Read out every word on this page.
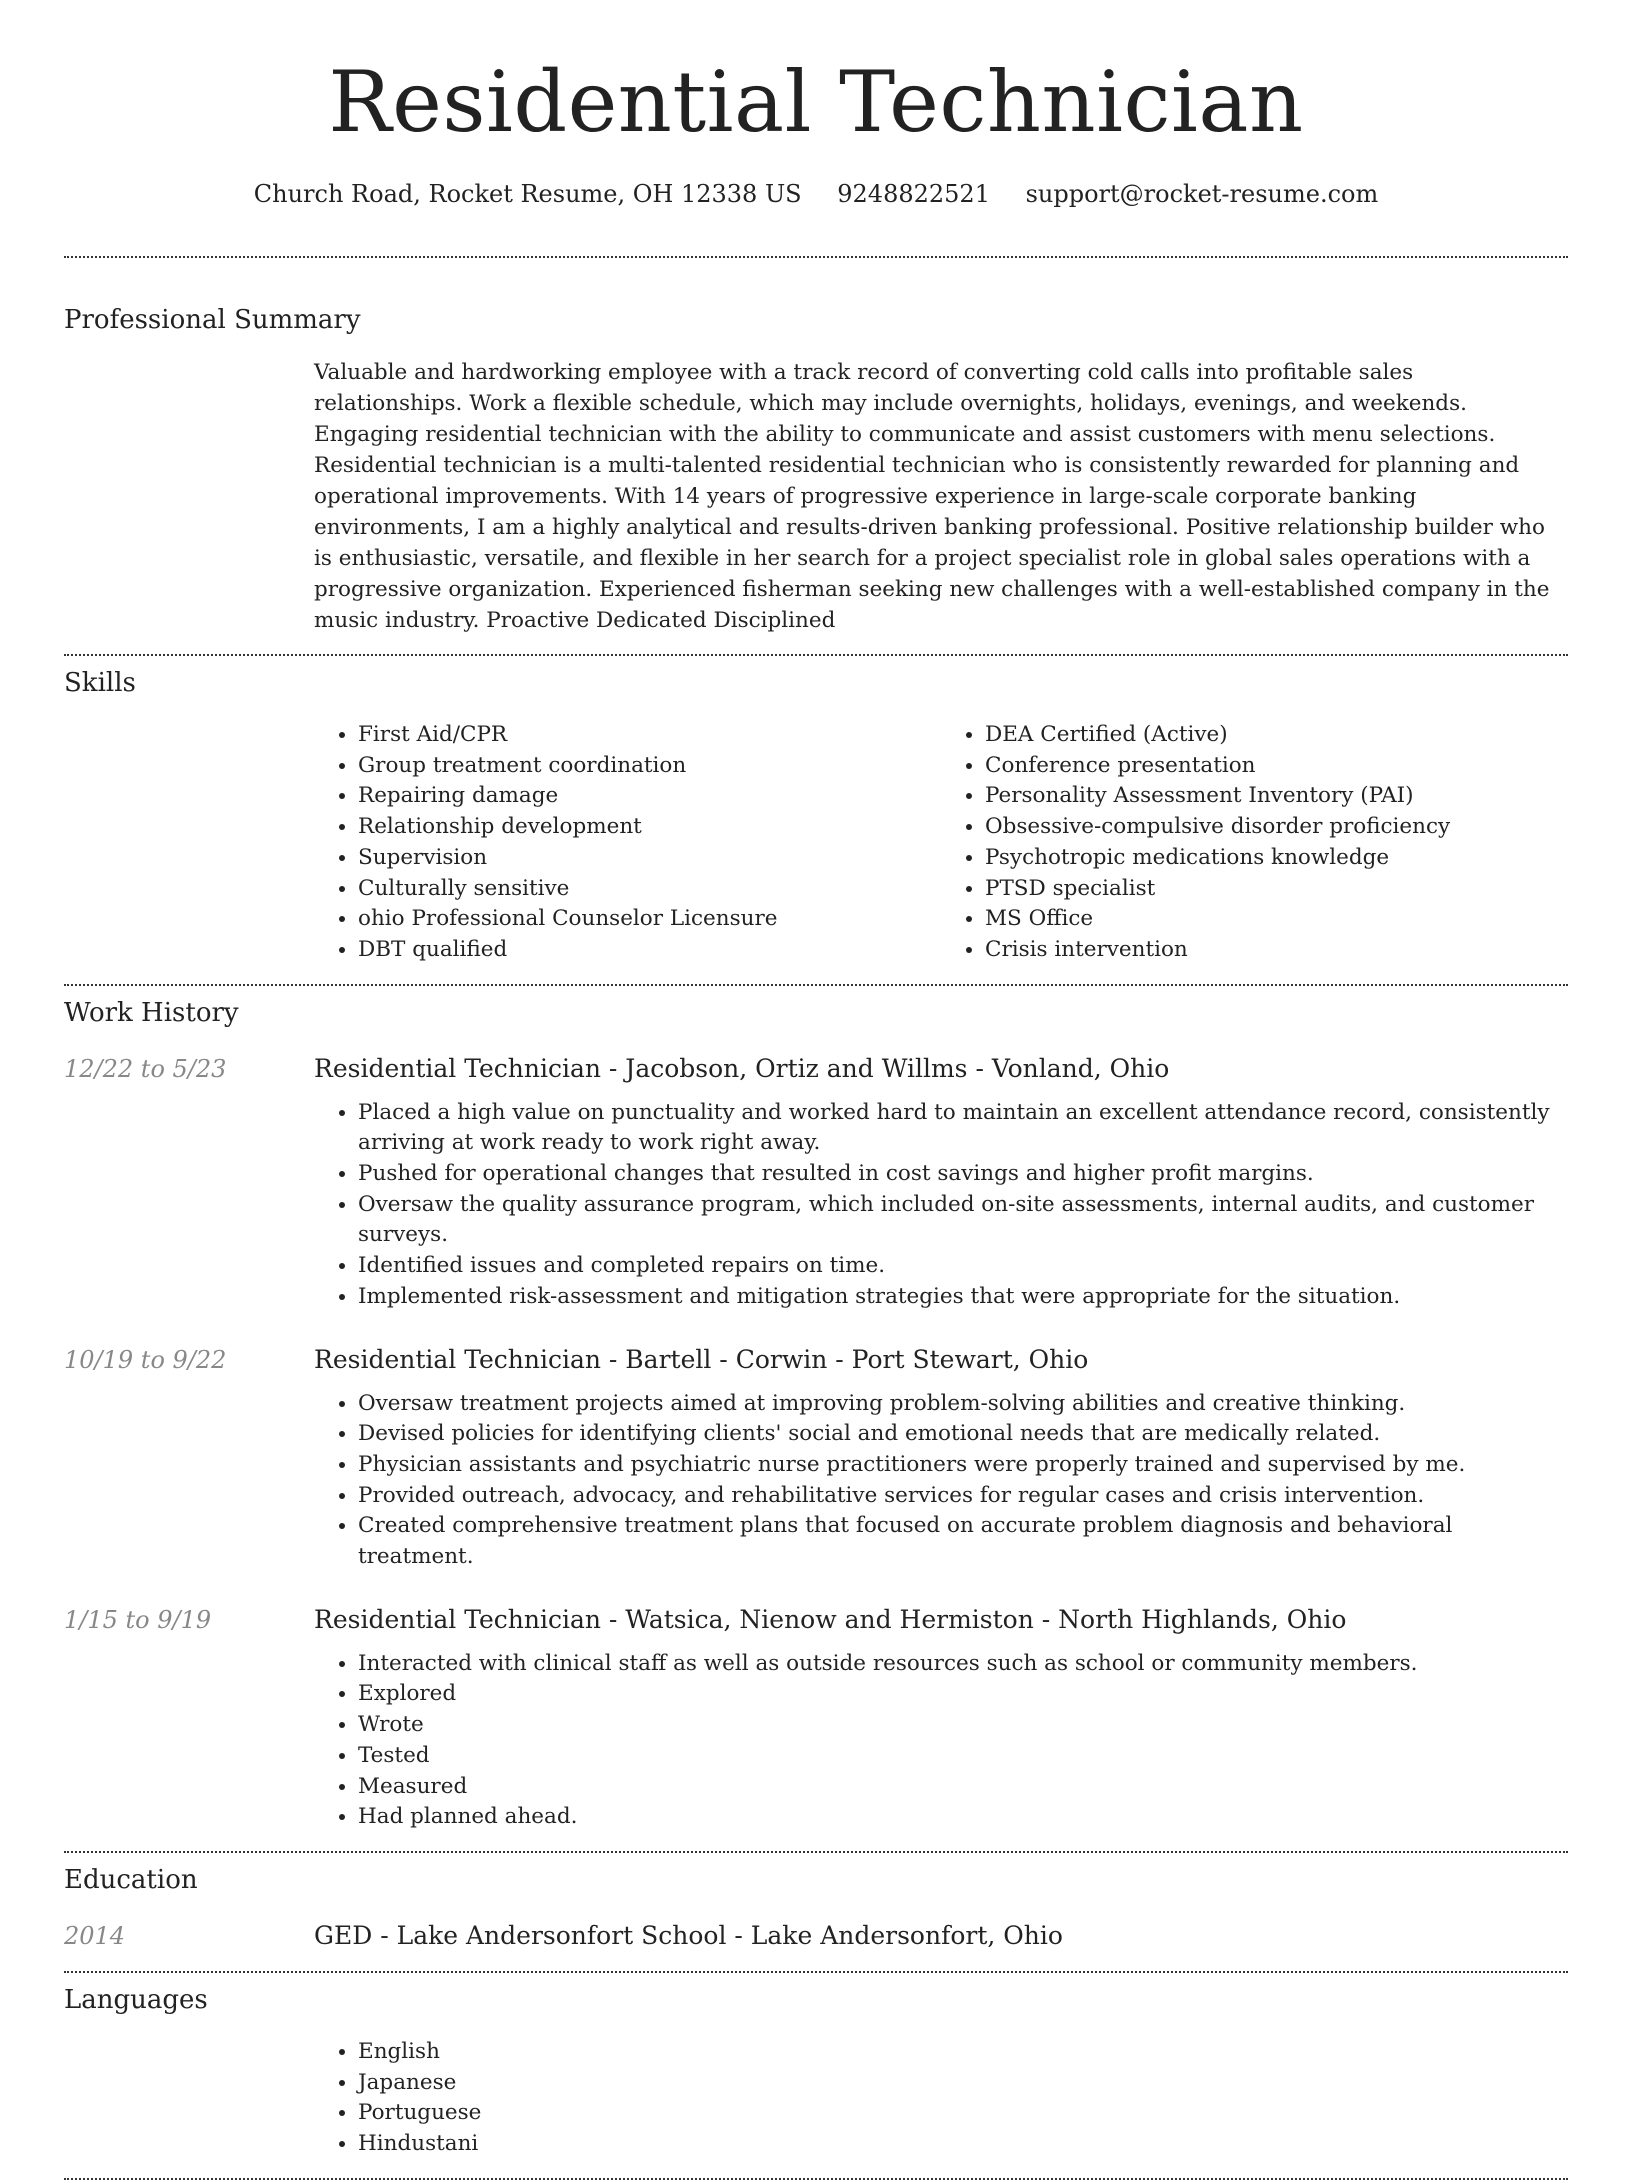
Residential Technician
Church Road, Rocket Resume, OH 12338 US 9248822521 support@rocket-resume.com
Professional Summary

Valuable and hardworking employee with a track record of converting cold calls into profitable sales relationships. Work a flexible schedule, which may include overnights, holidays, evenings, and weekends. Engaging residential technician with the ability to communicate and assist customers with menu selections. Residential technician is a multi-talented residential technician who is consistently rewarded for planning and operational improvements. With 14 years of progressive experience in large-scale corporate banking environments, I am a highly analytical and results-driven banking professional. Positive relationship builder who is enthusiastic, versatile, and flexible in her search for a project specialist role in global sales operations with a progressive organization. Experienced fisherman seeking new challenges with a well-established company in the music industry. Proactive Dedicated Disciplined

Skills
• First Aid/CPR
• Group treatment coordination
• Repairing damage
• Relationship development
• Supervision
• Culturally sensitive
• ohio Professional Counselor Licensure
• DBT qualified
• DEA Certified (Active)
• Conference presentation
• Personality Assessment Inventory (PAI)
• Obsessive-compulsive disorder proficiency
• Psychotropic medications knowledge
• PTSD specialist
• MS Office
• Crisis intervention
Work History
12/22 to 5/23	Residential Technician - Jacobson, Ortiz and Willms - Vonland, Ohio
• Placed a high value on punctuality and worked hard to maintain an excellent attendance record, consistently arriving at work ready to work right away.
• Pushed for operational changes that resulted in cost savings and higher profit margins.
• Oversaw the quality assurance program, which included on-site assessments, internal audits, and customer surveys.
• Identified issues and completed repairs on time.
• Implemented risk-assessment and mitigation strategies that were appropriate for the situation.
10/19 to 9/22	Residential Technician - Bartell - Corwin - Port Stewart, Ohio
• Oversaw treatment projects aimed at improving problem-solving abilities and creative thinking.
• Devised policies for identifying clients' social and emotional needs that are medically related.
• Physician assistants and psychiatric nurse practitioners were properly trained and supervised by me.
• Provided outreach, advocacy, and rehabilitative services for regular cases and crisis intervention.
• Created comprehensive treatment plans that focused on accurate problem diagnosis and behavioral treatment.
1/15 to 9/19	Residential Technician - Watsica, Nienow and Hermiston - North Highlands, Ohio
• Interacted with clinical staff as well as outside resources such as school or community members.
• Explored
• Wrote
• Tested
• Measured
• Had planned ahead.
Education
2014	GED - Lake Andersonfort School - Lake Andersonfort, Ohio
Languages
• English
• Japanese
• Portuguese
• Hindustani
